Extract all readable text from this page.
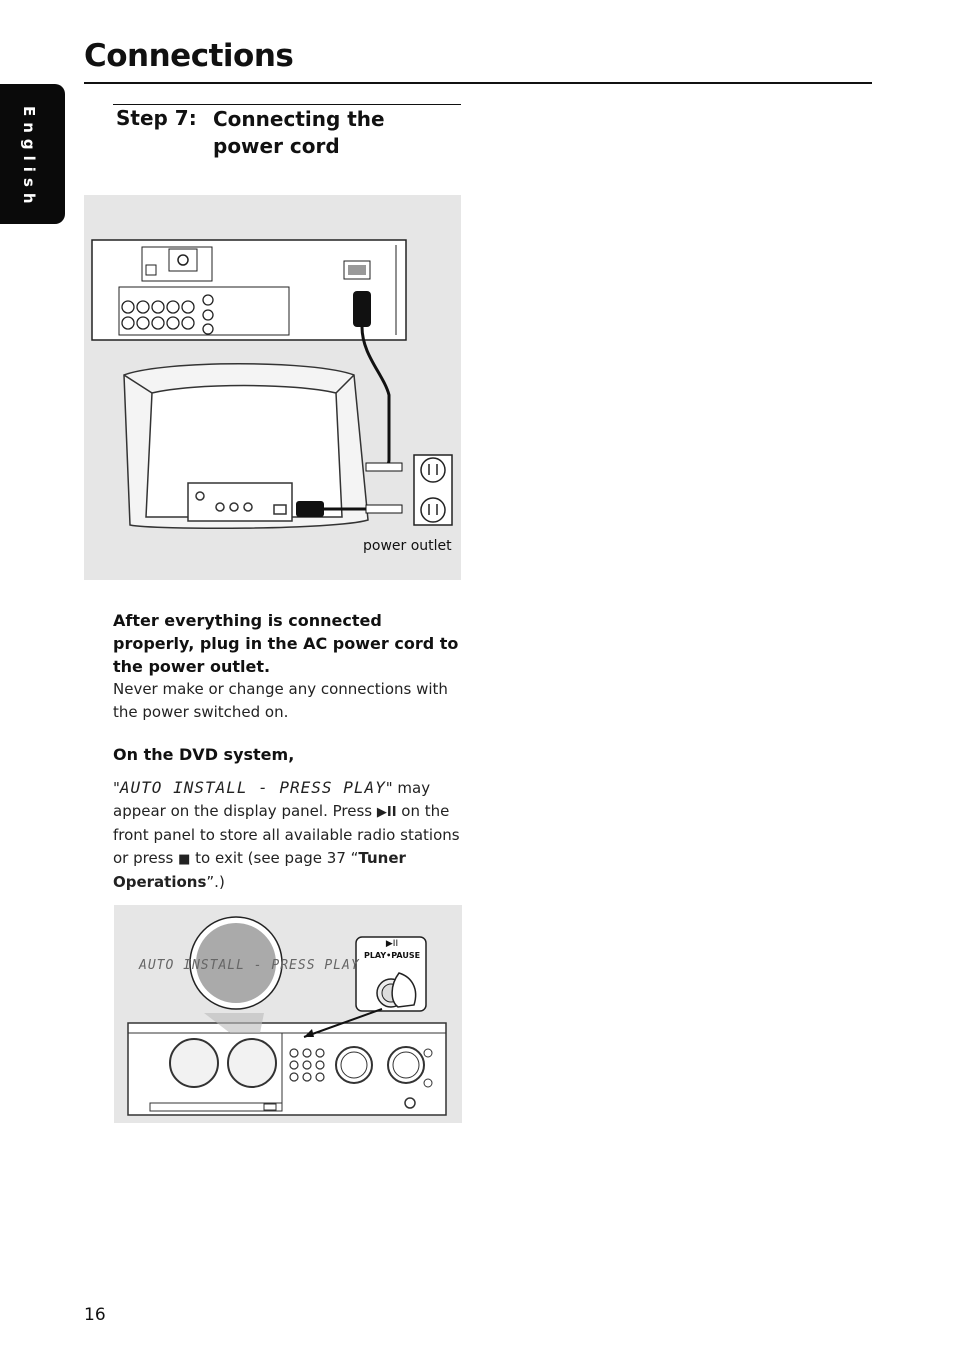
Connections
English	Step 7: Connecting the power cord
power outlet
After everything is connected properly, plug in the AC power cord to the power outlet.
Never make or change any connections with the power switched on.
On the DVD system,
"AUTO INSTALL - PRESS PLAY" may appear on the display panel. Press ▶II on the front panel to store all available radio stations or press ■ to exit (see page 37 “Tuner Operations”.)
AUTO INSTALL - PRESS PLAY
▶II
PLAY•PAUSE
16
